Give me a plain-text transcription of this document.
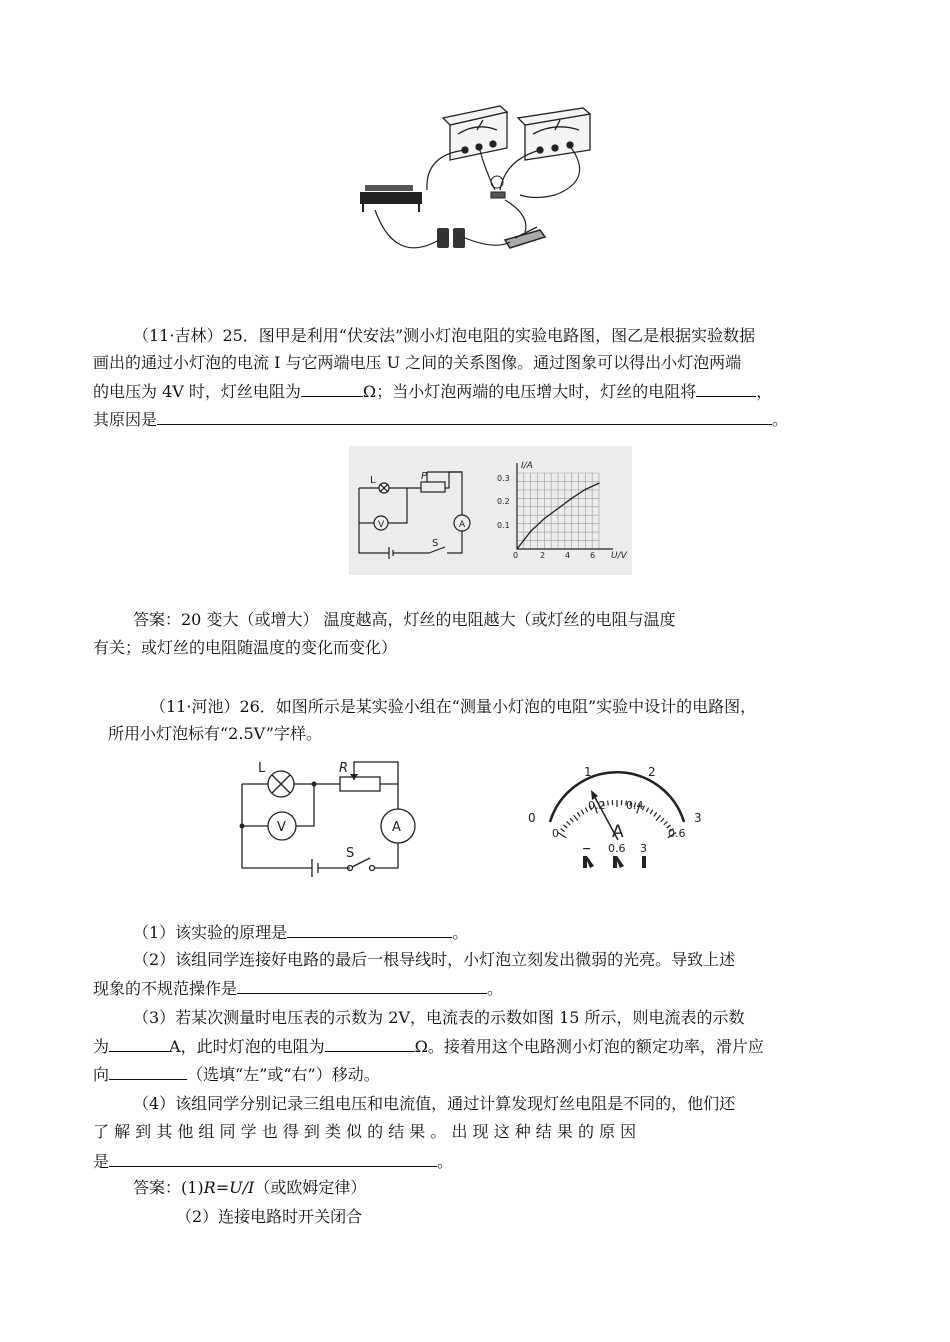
（11·吉林）25．图甲是利用“伏安法”测小灯泡电阻的实验电路图，图乙是根据实验数据
画出的通过小灯泡的电流 I 与它两端电压 U 之间的关系图像。通过图象可以得出小灯泡两端
的电压为 4V 时，灯丝电阻为	Ω；当小灯泡两端的电压增大时，灯丝的电阻将	，
其原因是	。
L	P
V	A
S
I/A
U/V
0.3
0.2
0.1
0	2 4 6
答案：20 变大（或增大） 温度越高，灯丝的电阻越大（或灯丝的电阻与温度
有关；或灯丝的电阻随温度的变化而变化）
（11·河池）26．如图所示是某实验小组在“测量小灯泡的电阻”实验中设计的电路图，
所用小灯泡标有“2.5V”字样。
L	R
V	A
S
0
1	2
3
0
0.2 0.4
0.6
A
− 0.6 3
（1）该实验的原理是	。
（2）该组同学连接好电路的最后一根导线时，小灯泡立刻发出微弱的光亮。导致上述
现象的不规范操作是	。
（3）若某次测量时电压表的示数为 2V，电流表的示数如图 15 所示，则电流表的示数
为	A，此时灯泡的电阻为	Ω。接着用这个电路测小灯泡的额定功率，滑片应
向	（选填“左”或“右”）移动。
（4）该组同学分别记录三组电压和电流值，通过计算发现灯丝电阻是不同的，他们还
了 解 到 其 他 组 同 学 也 得 到 类 似 的 结 果 。 出 现 这 种 结 果 的 原 因
是	。
答案：(1)R=U/I（或欧姆定律）
（2）连接电路时开关闭合
